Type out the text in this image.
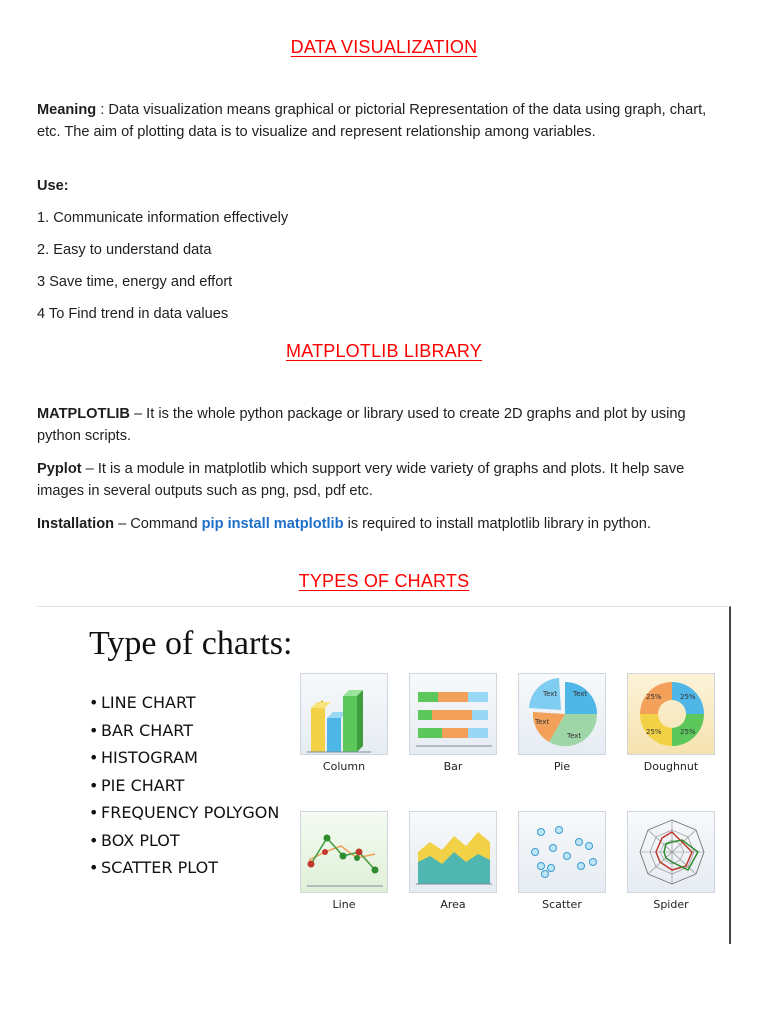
DATA VISUALIZATION

Meaning : Data visualization means graphical or pictorial Representation of the data using graph, chart, etc. The aim of plotting data is to visualize and represent relationship among variables.

Use:

1. Communicate information effectively

2. Easy to understand data

3 Save time, energy and effort

4 To Find trend in data values

MATPLOTLIB LIBRARY

MATPLOTLIB – It is the whole python package or library used to create 2D graphs and plot by using python scripts.

Pyplot – It is a module in matplotlib which support very wide variety of graphs and plots. It help save images in several outputs such as png, psd, pdf etc.

Installation – Command pip install matplotlib is required to install matplotlib library in python.

TYPES OF CHARTS
Type of charts:
• LINE CHART
• BAR CHART
• HISTOGRAM
• PIE CHART
• FREQUENCY POLYGON
• BOX PLOT
• SCATTER PLOT
Column	Bar
Text Text
Text
Text
Pie
25%	25%
25%	25%
Doughnut
Line	Area	Scatter	Spider
